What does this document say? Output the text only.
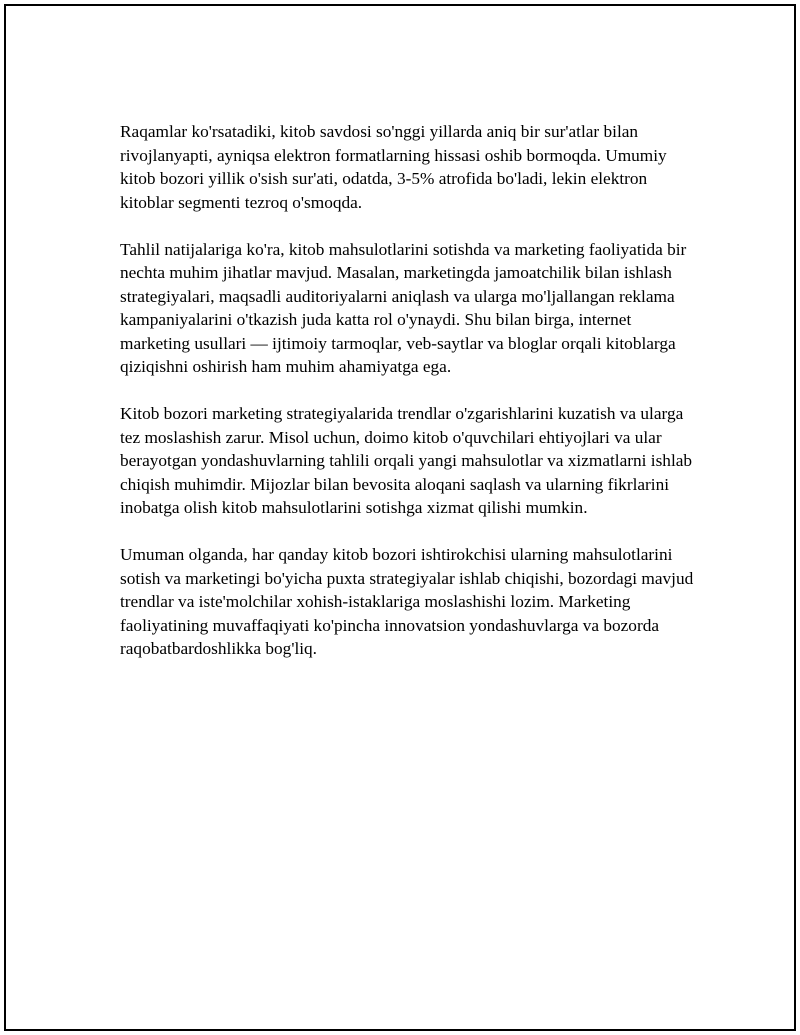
Raqamlar ko'rsatadiki, kitob savdosi so'nggi yillarda aniq bir sur'atlar bilan rivojlanyapti, ayniqsa elektron formatlarning hissasi oshib bormoqda. Umumiy kitob bozori yillik o'sish sur'ati, odatda, 3-5% atrofida bo'ladi, lekin elektron kitoblar segmenti tezroq o'smoqda.

Tahlil natijalariga ko'ra, kitob mahsulotlarini sotishda va marketing faoliyatida bir nechta muhim jihatlar mavjud. Masalan, marketingda jamoatchilik bilan ishlash strategiyalari, maqsadli auditoriyalarni aniqlash va ularga mo'ljallangan reklama kampaniyalarini o'tkazish juda katta rol o'ynaydi. Shu bilan birga, internet marketing usullari — ijtimoiy tarmoqlar, veb-saytlar va bloglar orqali kitoblarga qiziqishni oshirish ham muhim ahamiyatga ega.

Kitob bozori marketing strategiyalarida trendlar o'zgarishlarini kuzatish va ularga tez moslashish zarur. Misol uchun, doimo kitob o'quvchilari ehtiyojlari va ular berayotgan yondashuvlarning tahlili orqali yangi mahsulotlar va xizmatlarni ishlab chiqish muhimdir. Mijozlar bilan bevosita aloqani saqlash va ularning fikrlarini inobatga olish kitob mahsulotlarini sotishga xizmat qilishi mumkin.

Umuman olganda, har qanday kitob bozori ishtirokchisi ularning mahsulotlarini sotish va marketingi bo'yicha puxta strategiyalar ishlab chiqishi, bozordagi mavjud trendlar va iste'molchilar xohish-istaklariga moslashishi lozim. Marketing faoliyatining muvaffaqiyati ko'pincha innovatsion yondashuvlarga va bozorda raqobatbardoshlikka bog'liq.
